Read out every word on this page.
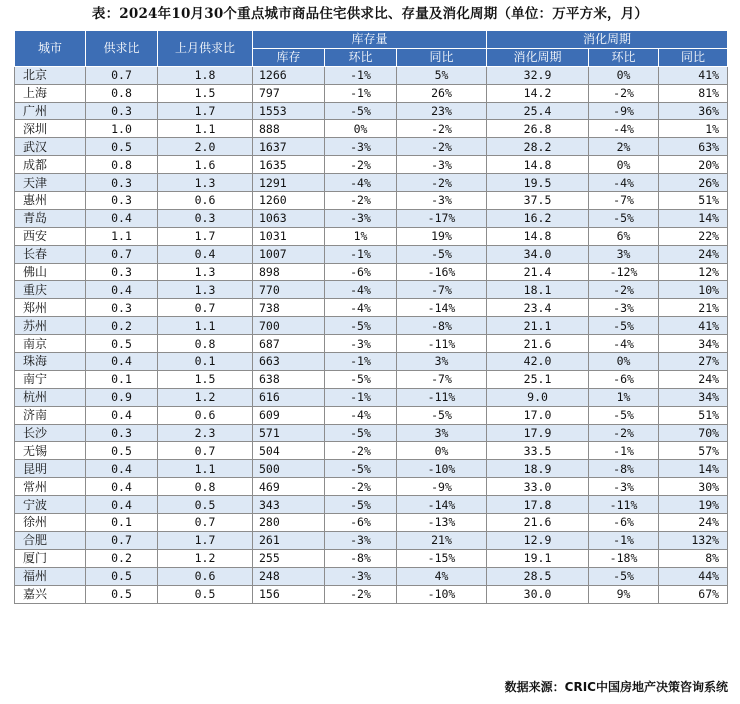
表：2024年10月30个重点城市商品住宅供求比、存量及消化周期（单位：万平方米，月）
城市	供求比	上月供求比	库存量			消化周期		
			库存	环比	同比	消化周期	环比	同比
北京	0.7	1.8	1266	-1%	5%	32.9	0%	41%
上海	0.8	1.5	797	-1%	26%	14.2	-2%	81%
广州	0.3	1.7	1553	-5%	23%	25.4	-9%	36%
深圳	1.0	1.1	888	0%	-2%	26.8	-4%	1%
武汉	0.5	2.0	1637	-3%	-2%	28.2	2%	63%
成都	0.8	1.6	1635	-2%	-3%	14.8	0%	20%
天津	0.3	1.3	1291	-4%	-2%	19.5	-4%	26%
惠州	0.3	0.6	1260	-2%	-3%	37.5	-7%	51%
青岛	0.4	0.3	1063	-3%	-17%	16.2	-5%	14%
西安	1.1	1.7	1031	1%	19%	14.8	6%	22%
长春	0.7	0.4	1007	-1%	-5%	34.0	3%	24%
佛山	0.3	1.3	898	-6%	-16%	21.4	-12%	12%
重庆	0.4	1.3	770	-4%	-7%	18.1	-2%	10%
郑州	0.3	0.7	738	-4%	-14%	23.4	-3%	21%
苏州	0.2	1.1	700	-5%	-8%	21.1	-5%	41%
南京	0.5	0.8	687	-3%	-11%	21.6	-4%	34%
珠海	0.4	0.1	663	-1%	3%	42.0	0%	27%
南宁	0.1	1.5	638	-5%	-7%	25.1	-6%	24%
杭州	0.9	1.2	616	-1%	-11%	9.0	1%	34%
济南	0.4	0.6	609	-4%	-5%	17.0	-5%	51%
长沙	0.3	2.3	571	-5%	3%	17.9	-2%	70%
无锡	0.5	0.7	504	-2%	0%	33.5	-1%	57%
昆明	0.4	1.1	500	-5%	-10%	18.9	-8%	14%
常州	0.4	0.8	469	-2%	-9%	33.0	-3%	30%
宁波	0.4	0.5	343	-5%	-14%	17.8	-11%	19%
徐州	0.1	0.7	280	-6%	-13%	21.6	-6%	24%
合肥	0.7	1.7	261	-3%	21%	12.9	-1%	132%
厦门	0.2	1.2	255	-8%	-15%	19.1	-18%	8%
福州	0.5	0.6	248	-3%	4%	28.5	-5%	44%
嘉兴	0.5	0.5	156	-2%	-10%	30.0	9%	67%
数据来源：CRIC中国房地产决策咨询系统
